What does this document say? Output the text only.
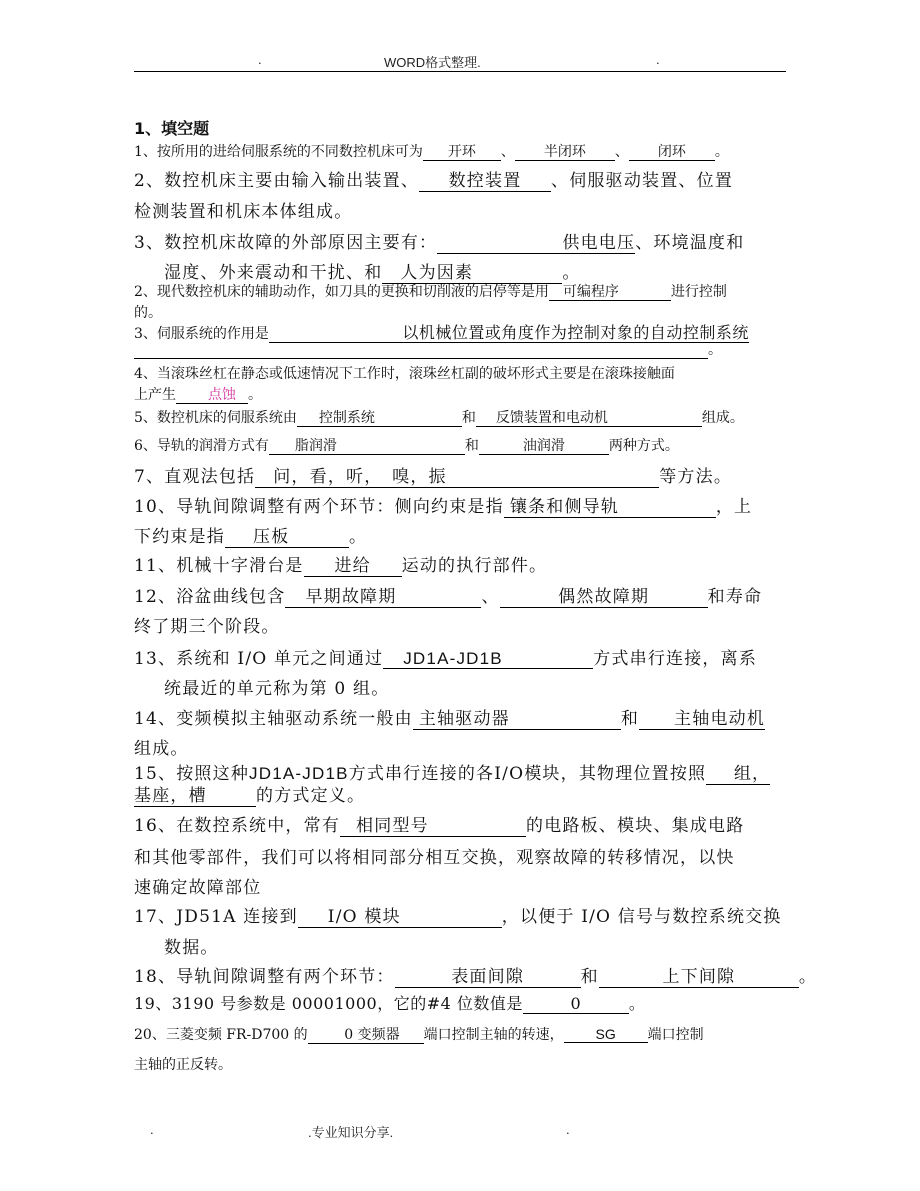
.	WORD格式整理.	.
1、填空题
1、按所用的进给伺服系统的不同数控机床可为 开环 、 半闭环 、 闭环 。
2、数控机床主要由输入输出装置、 数控装置 、伺服驱动装置、位置
检测装置和机床本体组成。
3、数控机床故障的外部原因主要有：	供电电压、环境温度和
湿度、外来震动和干扰、和 人为因素	。
2、现代数控机床的辅助动作，如刀具的更换和切削液的启停等是用 可编程序	进行控制
的。
3、伺服系统的作用是	以机械位置或角度作为控制对象的自动控制系统
。
4、当滚珠丝杠在静态或低速情况下工作时，滚珠丝杠副的破坏形式主要是在滚珠接触面
上产生 点蚀 。
5、数控机床的伺服系统由 控制系统	和 反馈装置和电动机	组成。
6、导轨的润滑方式有 脂润滑	和	油润滑	两种方式。
7、直观法包括 问，看，听，　嗅，振	等方法。
10、导轨间隙调整有两个环节：侧向约束是指 镶条和侧导轨	，上
下约束是指 压板	。
11、机械十字滑台是 进给 运动的执行部件。
12、浴盆曲线包含 早期故障期	、	偶然故障期	和寿命
终了期三个阶段。
13、系统和 I/O 单元之间通过 JD1A-JD1B	方式串行连接，离系
统最近的单元称为第 0 组。
14、变频模拟主轴驱动系统一般由 主轴驱动器	和 主轴电动机
组成。
15、按照这种JD1A-JD1B方式串行连接的各I/O模块，其物理位置按照 组，
基座，槽	的方式定义。
16、在数控系统中，常有 相同型号	的电路板、模块、集成电路
和其他零部件，我们可以将相同部分相互交换，观察故障的转移情况，以快
速确定故障部位
17、JD51A 连接到 I/O 模块	，以便于 I/O 信号与数控系统交换
数据。
18、导轨间隙调整有两个环节：	表面间隙	和	上下间隙	。
19、3190 号参数是 00001000，它的#4 位数值是	0	。
20、三菱变频 FR-D700 的	0 变频器 端口控制主轴的转速， SG 端口控制
主轴的正反转。
.	.专业知识分享.	.
